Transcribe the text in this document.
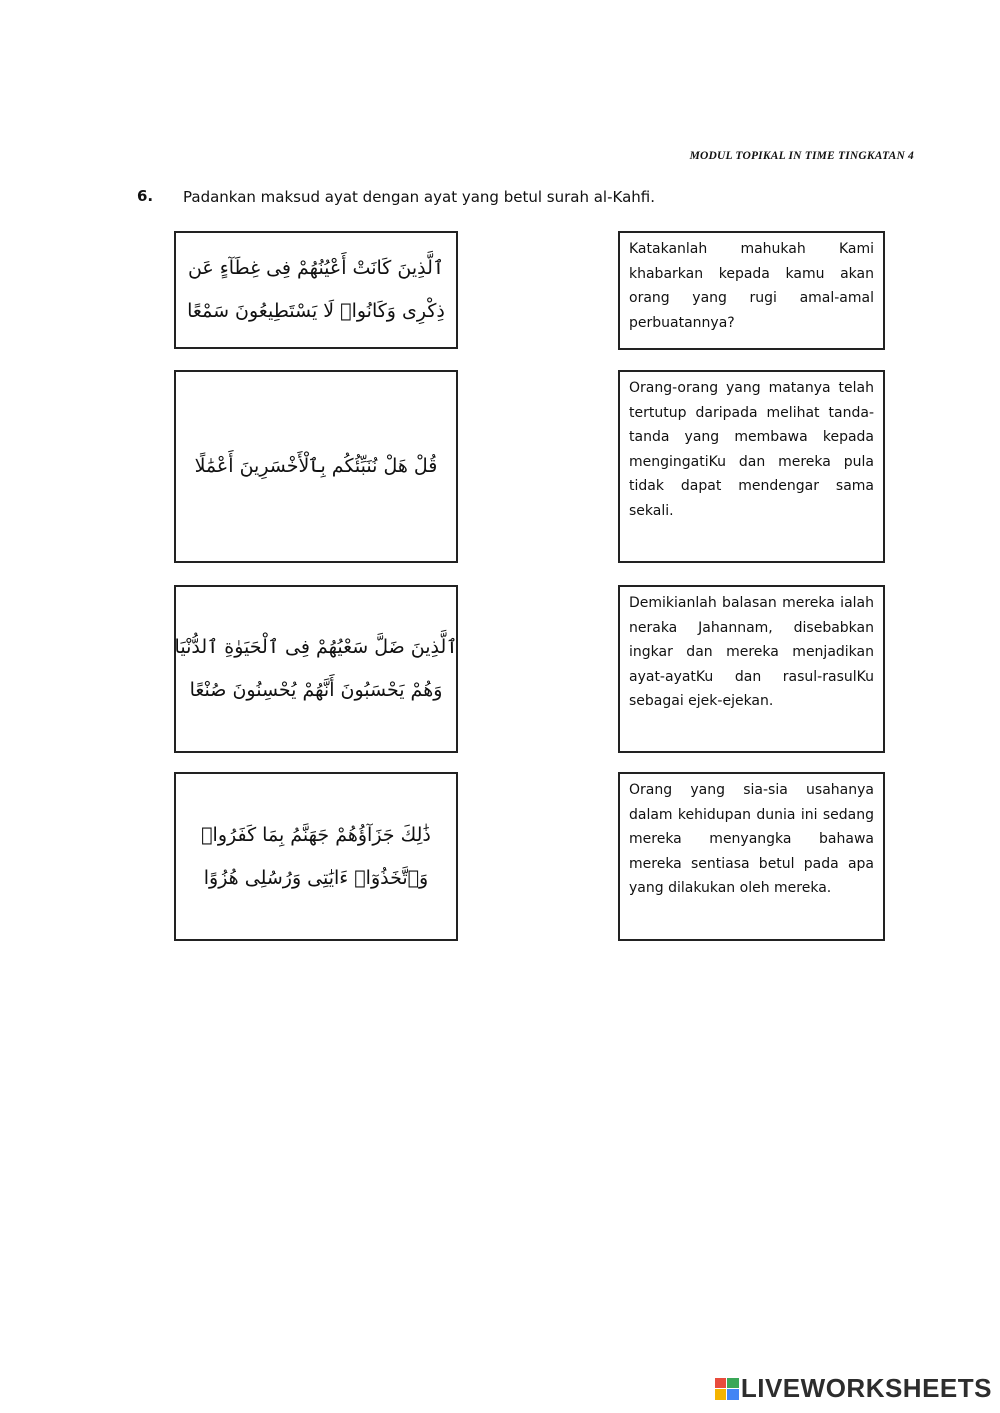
MODUL TOPIKAL IN TIME TINGKATAN 4
6. Padankan maksud ayat dengan ayat yang betul surah al-Kahfi.
ٱلَّذِينَ كَانَتْ أَعْيُنُهُمْ فِى غِطَآءٍ عَن
ذِكْرِى وَكَانُوا۟ لَا يَسْتَطِيعُونَ سَمْعًا
قُلْ هَلْ نُنَبِّئُكُم بِٱلْأَخْسَرِينَ أَعْمَٰلًا
ٱلَّذِينَ ضَلَّ سَعْيُهُمْ فِى ٱلْحَيَوٰةِ ٱلدُّنْيَا
وَهُمْ يَحْسَبُونَ أَنَّهُمْ يُحْسِنُونَ صُنْعًا
ذَٰلِكَ جَزَآؤُهُمْ جَهَنَّمُ بِمَا كَفَرُوا۟
وَٱتَّخَذُوٓا۟ ءَايَٰتِى وَرُسُلِى هُزُوًا
Katakanlah mahukah Kami khabarkan kepada kamu akan orang yang rugi amal-amal perbuatannya?
Orang-orang yang matanya telah tertutup daripada melihat tanda-tanda yang membawa kepada mengingatiKu dan mereka pula tidak dapat mendengar sama sekali.
Demikianlah balasan mereka ialah neraka Jahannam, disebabkan ingkar dan mereka menjadikan ayat-ayatKu dan rasul-rasulKu sebagai ejek-ejekan.
Orang yang sia-sia usahanya dalam kehidupan dunia ini sedang mereka menyangka bahawa mereka sentiasa betul pada apa yang dilakukan oleh mereka.
LIVEWORKSHEETS
